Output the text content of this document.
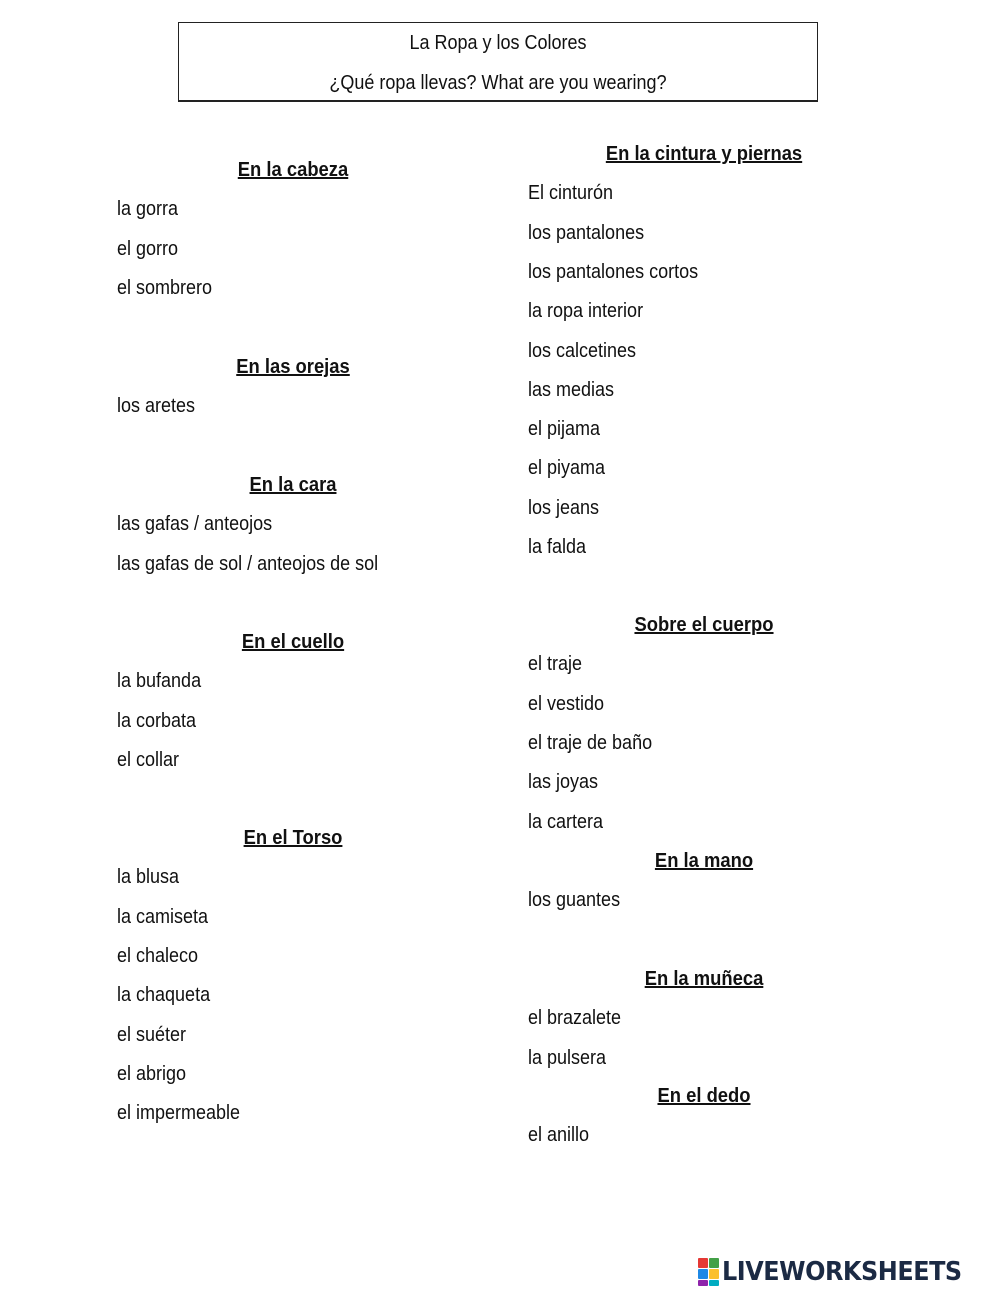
La Ropa y los Colores
¿Qué ropa llevas? What are you wearing?
En la cabeza
la gorra
el gorro
el sombrero
En las orejas
los aretes
En la cara
las gafas / anteojos
las gafas de sol / anteojos de sol
En el cuello
la bufanda
la corbata
el collar
En el Torso
la blusa
la camiseta
el chaleco
la chaqueta
el suéter
el abrigo
el impermeable
En la cintura y piernas
El cinturón
los pantalones
los pantalones cortos
la ropa interior
los calcetines
las medias
el pijama
el piyama
los jeans
la falda
Sobre el cuerpo
el traje
el vestido
el traje de baño
las joyas
la cartera
En la mano
los guantes
En la muñeca
el brazalete
la pulsera
En el dedo
el anillo
LIVEWORKSHEETS
